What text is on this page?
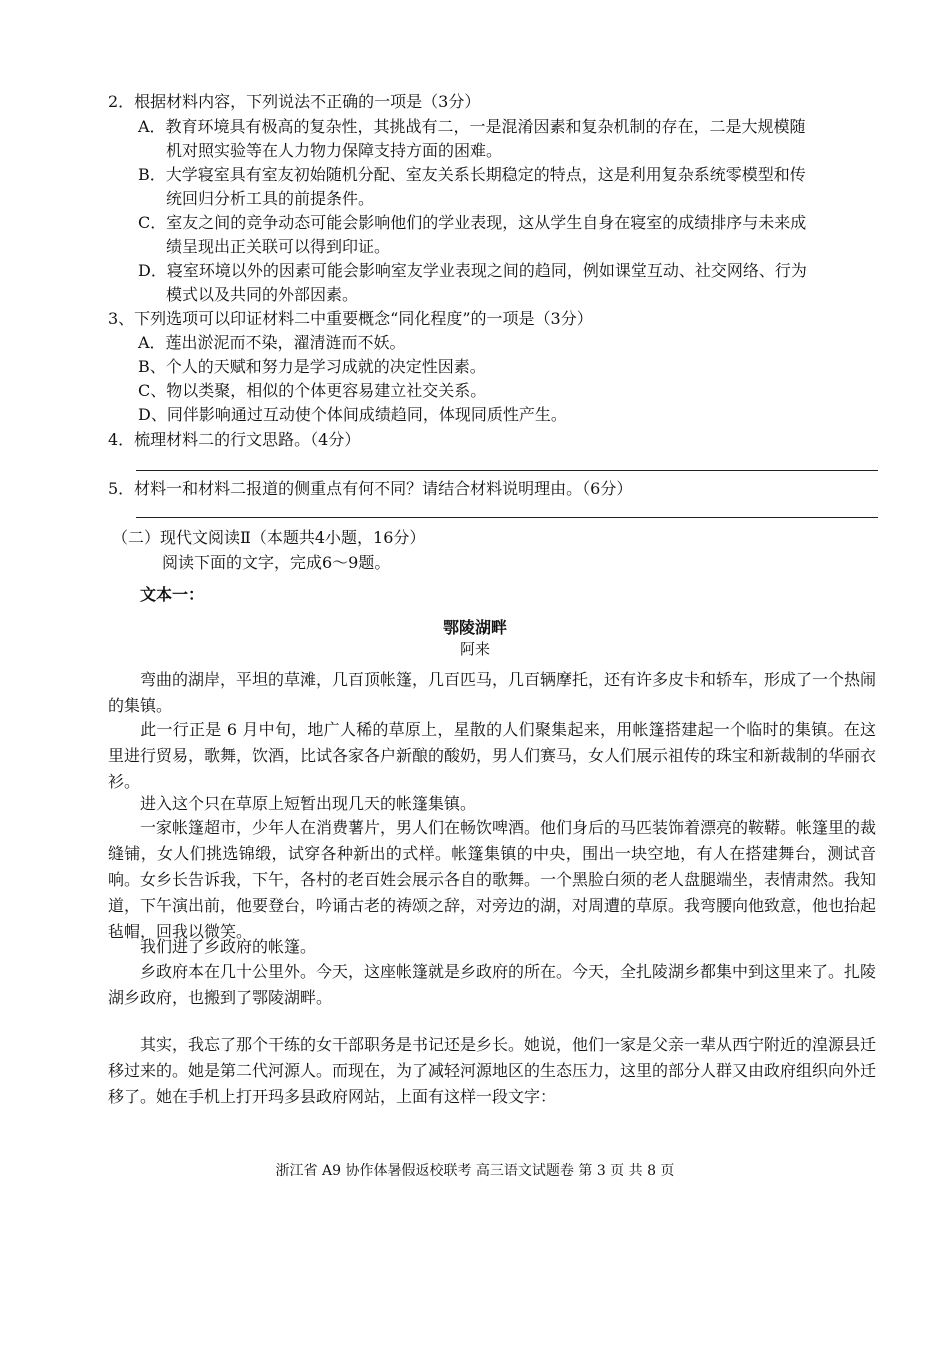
2．根据材料内容，下列说法不正确的一项是（3分）
A．教育环境具有极高的复杂性，其挑战有二，一是混淆因素和复杂机制的存在，二是大规模随
机对照实验等在人力物力保障支持方面的困难。
B．大学寝室具有室友初始随机分配、室友关系长期稳定的特点，这是利用复杂系统零模型和传
统回归分析工具的前提条件。
C．室友之间的竞争动态可能会影响他们的学业表现，这从学生自身在寝室的成绩排序与未来成
绩呈现出正关联可以得到印证。
D．寝室环境以外的因素可能会影响室友学业表现之间的趋同，例如课堂互动、社交网络、行为
模式以及共同的外部因素。
3、下列选项可以印证材料二中重要概念“同化程度”的一项是（3分）
A．莲出淤泥而不染，濯清涟而不妖。
B、个人的天赋和努力是学习成就的决定性因素。
C、物以类聚，相似的个体更容易建立社交关系。
D、同伴影响通过互动使个体间成绩趋同，体现同质性产生。
4．梳理材料二的行文思路。（4分）
5．材料一和材料二报道的侧重点有何不同？请结合材料说明理由。（6分）
（二）现代文阅读Ⅱ（本题共4小题，16分）
阅读下面的文字，完成6～9题。
文本一：
鄂陵湖畔
阿来
弯曲的湖岸，平坦的草滩，几百顶帐篷，几百匹马，几百辆摩托，还有许多皮卡和轿车，形成了一个热闹的集镇。
此一行正是 6 月中旬，地广人稀的草原上，星散的人们聚集起来，用帐篷搭建起一个临时的集镇。在这里进行贸易，歌舞，饮酒，比试各家各户新酿的酸奶，男人们赛马，女人们展示祖传的珠宝和新裁制的华丽衣衫。
进入这个只在草原上短暂出现几天的帐篷集镇。
一家帐篷超市，少年人在消费薯片，男人们在畅饮啤酒。他们身后的马匹装饰着漂亮的鞍鞯。帐篷里的裁缝铺，女人们挑选锦缎，试穿各种新出的式样。帐篷集镇的中央，围出一块空地，有人在搭建舞台，测试音响。女乡长告诉我，下午，各村的老百姓会展示各自的歌舞。一个黑脸白须的老人盘腿端坐，表情肃然。我知道，下午演出前，他要登台，吟诵古老的祷颂之辞，对旁边的湖，对周遭的草原。我弯腰向他致意，他也抬起毡帽，回我以微笑。
我们进了乡政府的帐篷。
乡政府本在几十公里外。今天，这座帐篷就是乡政府的所在。今天，全扎陵湖乡都集中到这里来了。扎陵湖乡政府，也搬到了鄂陵湖畔。
其实，我忘了那个干练的女干部职务是书记还是乡长。她说，他们一家是父亲一辈从西宁附近的湟源县迁移过来的。她是第二代河源人。而现在，为了减轻河源地区的生态压力，这里的部分人群又由政府组织向外迁移了。她在手机上打开玛多县政府网站，上面有这样一段文字：
浙江省 A9 协作体暑假返校联考 高三语文试题卷 第 3 页 共 8 页
